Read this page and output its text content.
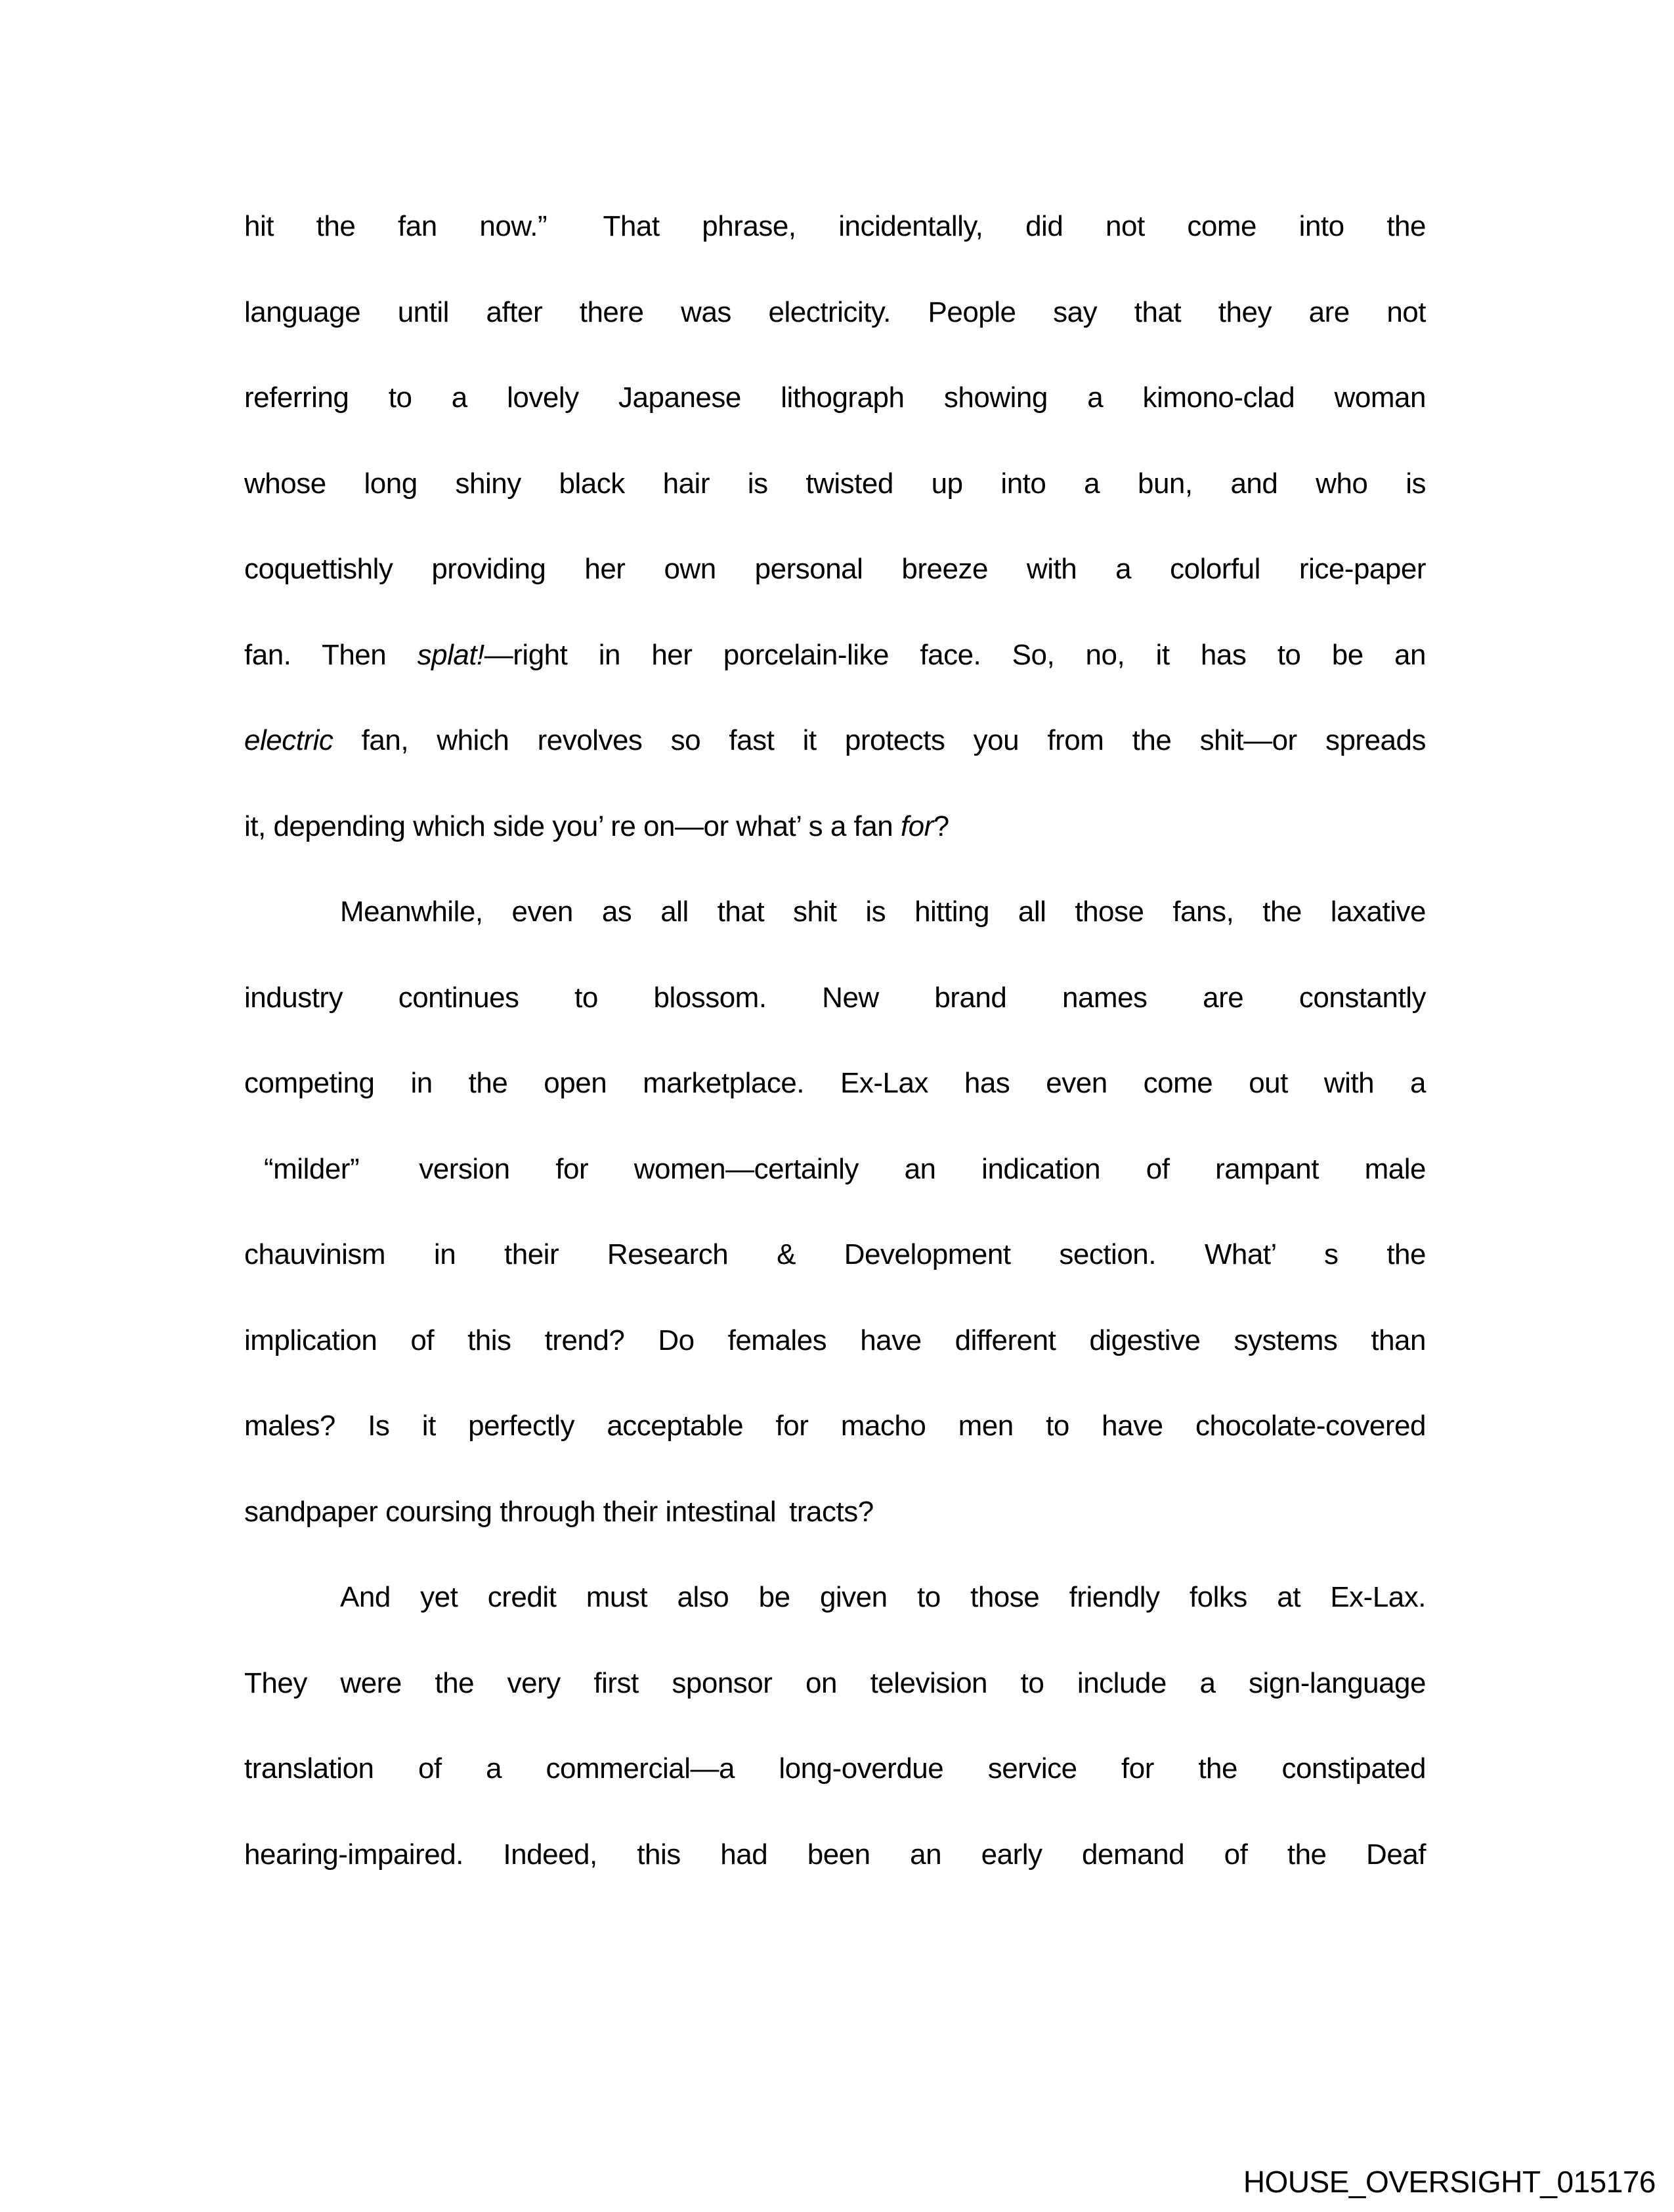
hit the fan now.”  That phrase, incidentally, did not come into the
language until after there was electricity. People say that they are not
referring to a lovely Japanese lithograph showing a kimono-clad woman
whose long shiny black hair is twisted up into a bun, and who is
coquettishly providing her own personal breeze with a colorful rice-paper
fan. Then splat!—right in her porcelain-like face. So, no, it has to be an
electric fan, which revolves so fast it protects you from the shit—or spreads
it, depending which side you’ re on—or what’ s a fan for?
Meanwhile, even as all that shit is hitting all those fans, the laxative
industry continues to blossom. New brand names are constantly
competing in the open marketplace. Ex-Lax has even come out with a
“milder”  version for women—certainly an indication of rampant male
chauvinism in their Research & Development section. What’ s the
implication of this trend? Do females have different digestive systems than
males? Is it perfectly acceptable for macho men to have chocolate-covered
sandpaper coursing through their intestinal  tracts?
And yet credit must also be given to those friendly folks at Ex-Lax.
They were the very first sponsor on television to include a sign-language
translation of a commercial—a long-overdue service for the constipated
hearing-impaired. Indeed, this had been an early demand of the Deaf
HOUSE_OVERSIGHT_015176
